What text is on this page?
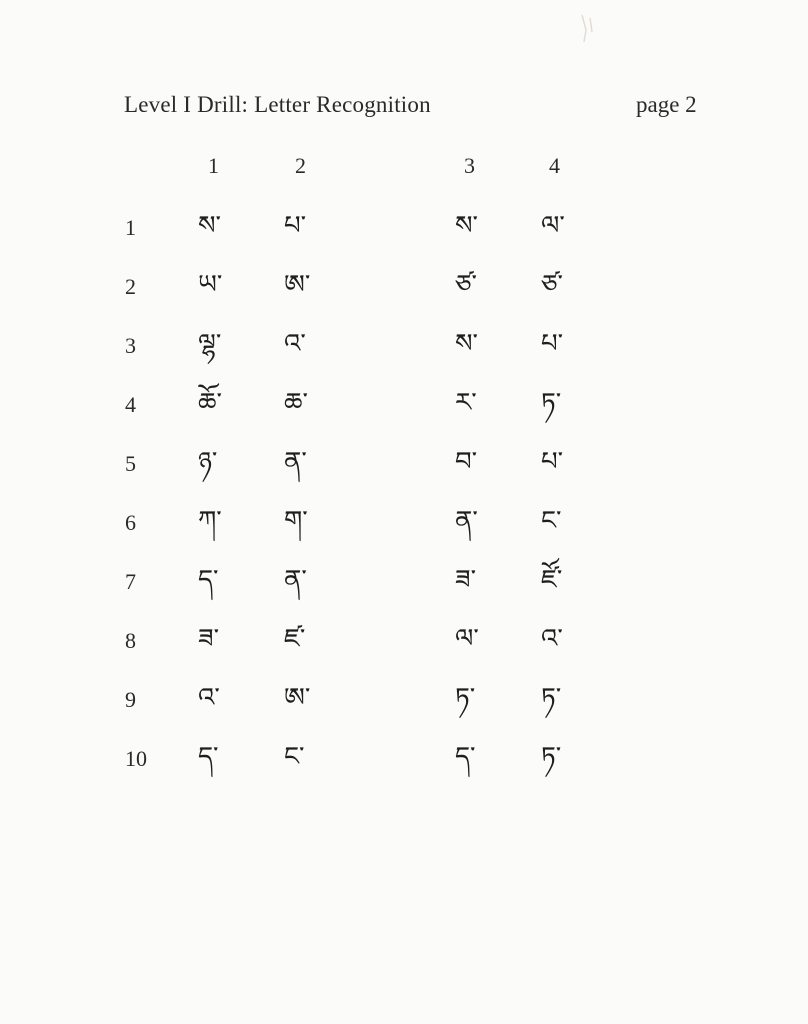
Level I Drill: Letter Recognition	page 2
1	2	3	4
1 ས་ པ་	ས་ ལ་
2 ཡ་ ཨ་	ཙ་ ཙ་
3 ལྷ་ འ་	ས་ པ་
4 ཆོ་ ཆ་	ར་ ཏ་
5 ཉ་	ན་	བ་ པ་
6 ཀ་ ག་	ན་ ང་
7 ད་	ན་	ཟ་ ཛོ་
8 ཟ་ ཛ་	ལ་ འ་
9 འ་ ཨ་	ཏ་	ཏ་
10 ད་	ང་	ད་	ཏ་
